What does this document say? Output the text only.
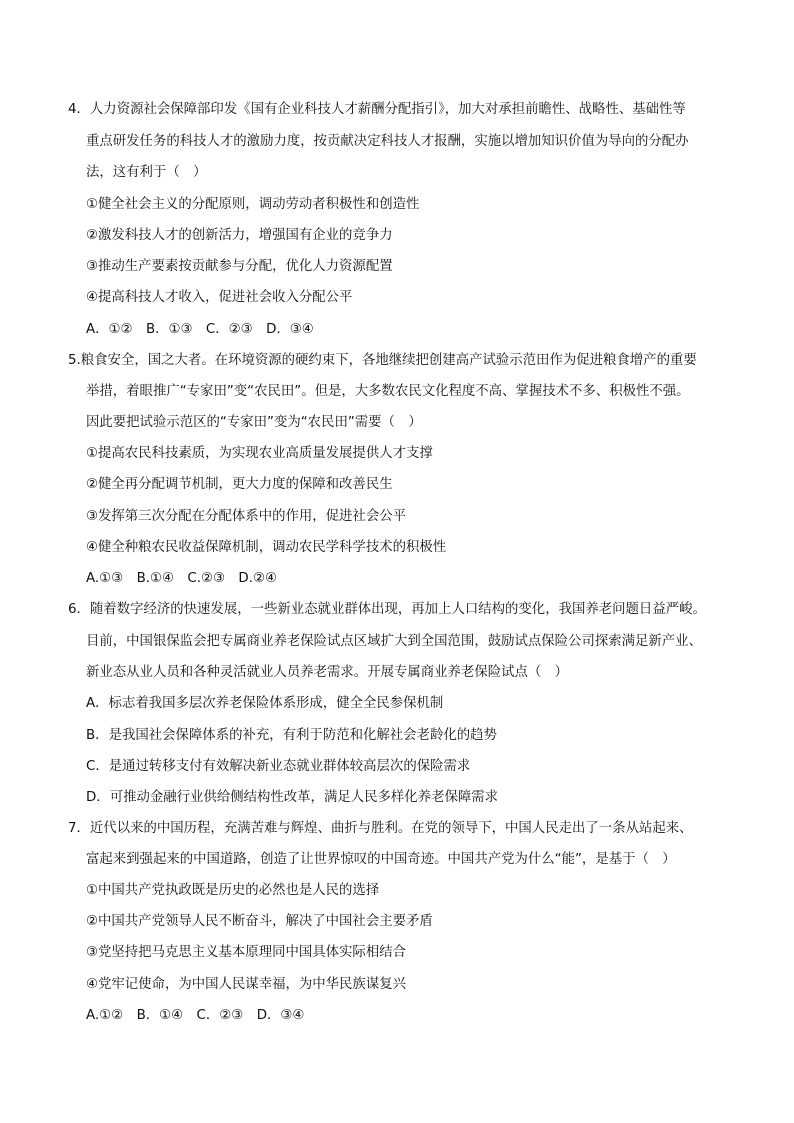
4．人力资源社会保障部印发《国有企业科技人才薪酬分配指引》，加大对承担前瞻性、战略性、基础性等
重点研发任务的科技人才的激励力度，按贡献决定科技人才报酬，实施以增加知识价值为导向的分配办
法，这有利于（　）
①健全社会主义的分配原则，调动劳动者积极性和创造性
②激发科技人才的创新活力，增强国有企业的竞争力
③推动生产要素按贡献参与分配，优化人力资源配置
④提高科技人才收入，促进社会收入分配公平
A．①②　B．①③　C．②③　D．③④
5.粮食安全，国之大者。在环境资源的硬约束下，各地继续把创建高产试验示范田作为促进粮食增产的重要
举措，着眼推广“专家田”变“农民田”。但是，大多数农民文化程度不高、掌握技术不多、积极性不强。
因此要把试验示范区的“专家田”变为“农民田”需要（　）
①提高农民科技素质，为实现农业高质量发展提供人才支撑
②健全再分配调节机制，更大力度的保障和改善民生
③发挥第三次分配在分配体系中的作用，促进社会公平
④健全种粮农民收益保障机制，调动农民学科学技术的积极性
A.①③　B.①④　C.②③　D.②④
6．随着数字经济的快速发展，一些新业态就业群体出现，再加上人口结构的变化，我国养老问题日益严峻。
目前，中国银保监会把专属商业养老保险试点区域扩大到全国范围，鼓励试点保险公司探索满足新产业、
新业态从业人员和各种灵活就业人员养老需求。开展专属商业养老保险试点（　）
A．标志着我国多层次养老保险体系形成，健全全民参保机制
B．是我国社会保障体系的补充，有利于防范和化解社会老龄化的趋势
C．是通过转移支付有效解决新业态就业群体较高层次的保险需求
D．可推动金融行业供给侧结构性改革，满足人民多样化养老保障需求
7．近代以来的中国历程，充满苦难与辉煌、曲折与胜利。在党的领导下，中国人民走出了一条从站起来、
富起来到强起来的中国道路，创造了让世界惊叹的中国奇迹。中国共产党为什么“能”，是基于（　）
①中国共产党执政既是历史的必然也是人民的选择
②中国共产党领导人民不断奋斗，解决了中国社会主要矛盾
③党坚持把马克思主义基本原理同中国具体实际相结合
④党牢记使命，为中国人民谋幸福，为中华民族谋复兴
A.①②　B．①④　C．②③　D．③④
